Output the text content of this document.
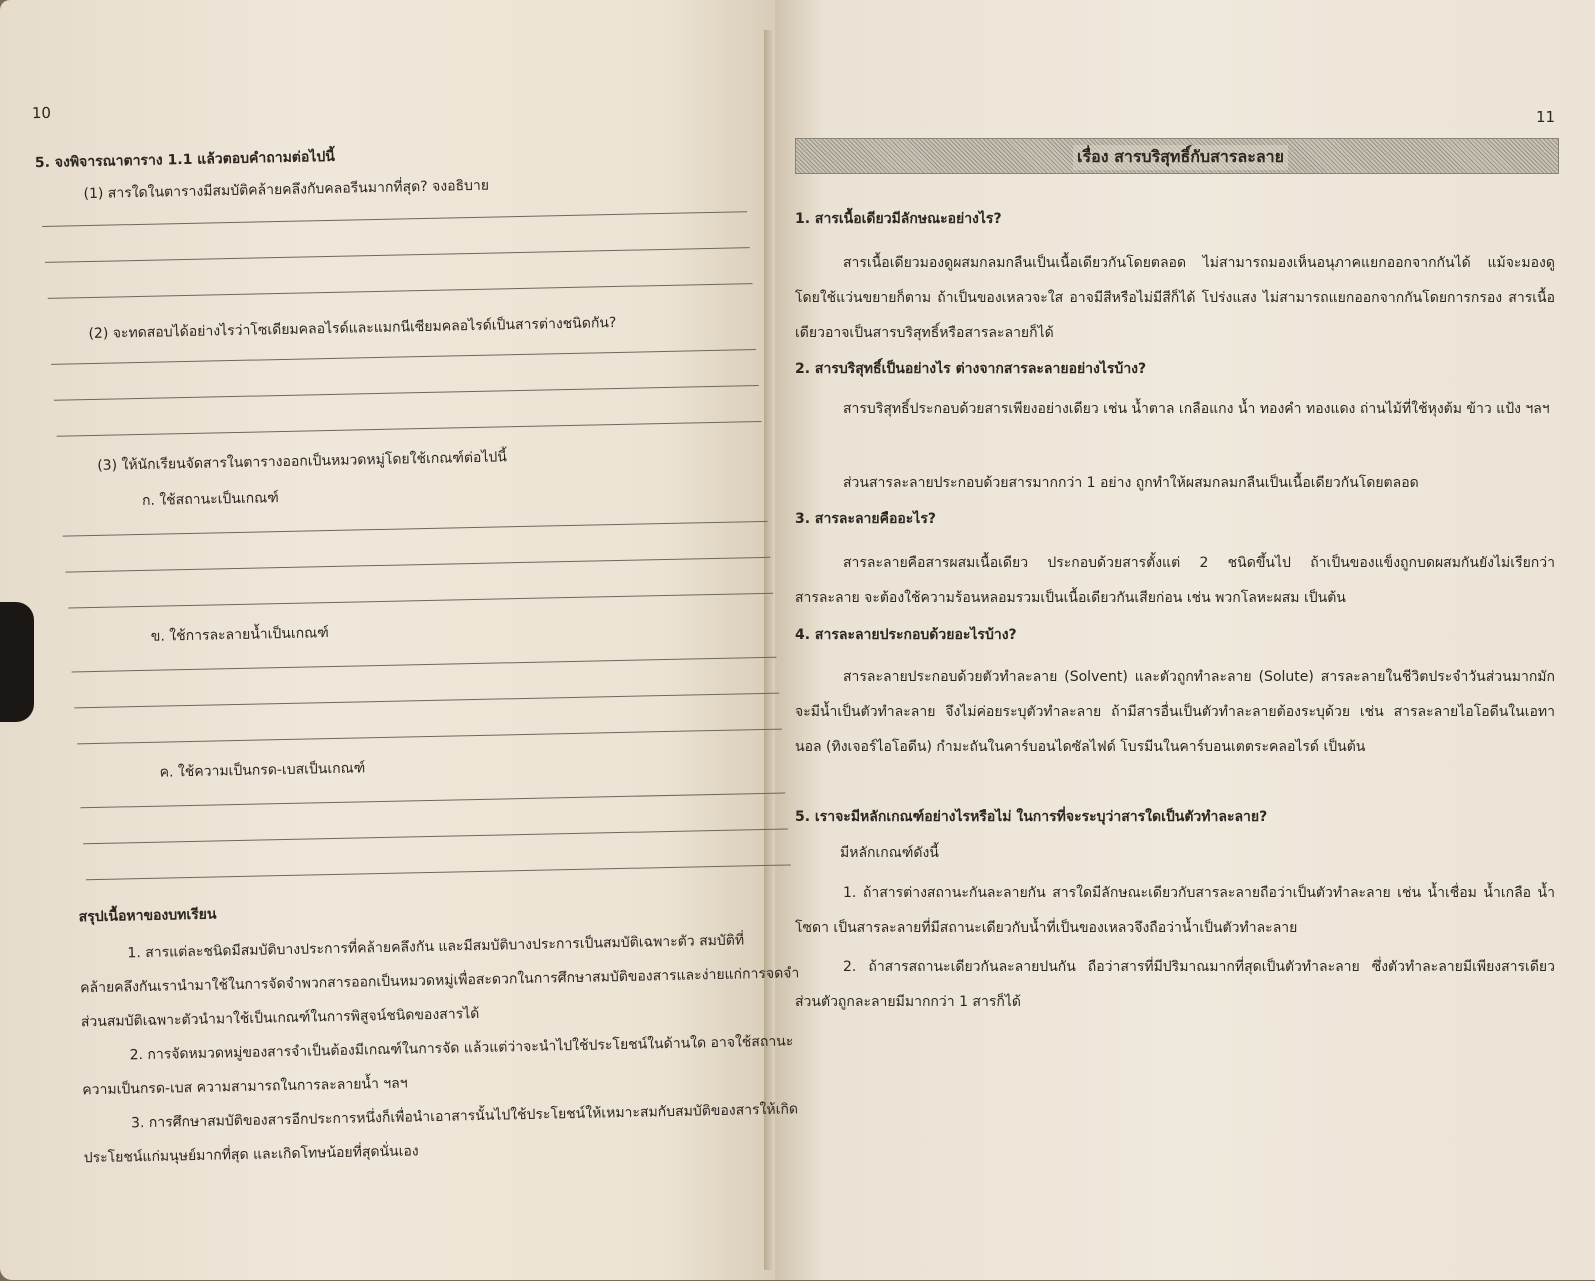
10
5. จงพิจารณาตาราง 1.1 แล้วตอบคำถามต่อไปนี้
(1) สารใดในตารางมีสมบัติคล้ายคลึงกับคลอรีนมากที่สุด? จงอธิบาย
(2) จะทดสอบได้อย่างไรว่าโซเดียมคลอไรด์และแมกนีเซียมคลอไรด์เป็นสารต่างชนิดกัน?
(3) ให้นักเรียนจัดสารในตารางออกเป็นหมวดหมู่โดยใช้เกณฑ์ต่อไปนี้
ก. ใช้สถานะเป็นเกณฑ์
ข. ใช้การละลายน้ำเป็นเกณฑ์
ค. ใช้ความเป็นกรด-เบสเป็นเกณฑ์
สรุปเนื้อหาของบทเรียน
1. สารแต่ละชนิดมีสมบัติบางประการที่คล้ายคลึงกัน และมีสมบัติบางประการเป็นสมบัติเฉพาะตัว สมบัติที่คล้ายคลึงกันเรานำมาใช้ในการจัดจำพวกสารออกเป็นหมวดหมู่เพื่อสะดวกในการศึกษาสมบัติของสารและง่ายแก่การจดจำ ส่วนสมบัติเฉพาะตัวนำมาใช้เป็นเกณฑ์ในการพิสูจน์ชนิดของสารได้
2. การจัดหมวดหมู่ของสารจำเป็นต้องมีเกณฑ์ในการจัด แล้วแต่ว่าจะนำไปใช้ประโยชน์ในด้านใด อาจใช้สถานะ ความเป็นกรด-เบส ความสามารถในการละลายน้ำ ฯลฯ
3. การศึกษาสมบัติของสารอีกประการหนึ่งก็เพื่อนำเอาสารนั้นไปใช้ประโยชน์ให้เหมาะสมกับสมบัติของสารให้เกิดประโยชน์แก่มนุษย์มากที่สุด และเกิดโทษน้อยที่สุดนั่นเอง
11
เรื่อง สารบริสุทธิ์กับสารละลาย
1. สารเนื้อเดียวมีลักษณะอย่างไร?
สารเนื้อเดียวมองดูผสมกลมกลืนเป็นเนื้อเดียวกันโดยตลอด ไม่สามารถมองเห็นอนุภาคแยกออกจากกันได้ แม้จะมองดูโดยใช้แว่นขยายก็ตาม ถ้าเป็นของเหลวจะใส อาจมีสีหรือไม่มีสีก็ได้ โปร่งแสง ไม่สามารถแยกออกจากกันโดยการกรอง สารเนื้อเดียวอาจเป็นสารบริสุทธิ์หรือสารละลายก็ได้
2. สารบริสุทธิ์เป็นอย่างไร ต่างจากสารละลายอย่างไรบ้าง?
สารบริสุทธิ์ประกอบด้วยสารเพียงอย่างเดียว เช่น น้ำตาล เกลือแกง น้ำ ทองคำ ทองแดง ถ่านไม้ที่ใช้หุงต้ม ข้าว แป้ง ฯลฯ
ส่วนสารละลายประกอบด้วยสารมากกว่า 1 อย่าง ถูกทำให้ผสมกลมกลืนเป็นเนื้อเดียวกันโดยตลอด
3. สารละลายคืออะไร?
สารละลายคือสารผสมเนื้อเดียว ประกอบด้วยสารตั้งแต่ 2 ชนิดขึ้นไป ถ้าเป็นของแข็งถูกบดผสมกันยังไม่เรียกว่าสารละลาย จะต้องใช้ความร้อนหลอมรวมเป็นเนื้อเดียวกันเสียก่อน เช่น พวกโลหะผสม เป็นต้น
4. สารละลายประกอบด้วยอะไรบ้าง?
สารละลายประกอบด้วยตัวทำละลาย (Solvent) และตัวถูกทำละลาย (Solute) สารละลายในชีวิตประจำวันส่วนมากมักจะมีน้ำเป็นตัวทำละลาย จึงไม่ค่อยระบุตัวทำละลาย ถ้ามีสารอื่นเป็นตัวทำละลายต้องระบุด้วย เช่น สารละลายไอโอดีนในเอทานอล (ทิงเจอร์ไอโอดีน) กำมะถันในคาร์บอนไดซัลไฟด์ โบรมีนในคาร์บอนเตตระคลอไรด์ เป็นต้น
5. เราจะมีหลักเกณฑ์อย่างไรหรือไม่ ในการที่จะระบุว่าสารใดเป็นตัวทำละลาย?
มีหลักเกณฑ์ดังนี้
1. ถ้าสารต่างสถานะกันละลายกัน สารใดมีลักษณะเดียวกับสารละลายถือว่าเป็นตัวทำละลาย เช่น น้ำเชื่อม น้ำเกลือ น้ำโซดา เป็นสารละลายที่มีสถานะเดียวกับน้ำที่เป็นของเหลวจึงถือว่าน้ำเป็นตัวทำละลาย
2. ถ้าสารสถานะเดียวกันละลายปนกัน ถือว่าสารที่มีปริมาณมากที่สุดเป็นตัวทำละลาย ซึ่งตัวทำละลายมีเพียงสารเดียว ส่วนตัวถูกละลายมีมากกว่า 1 สารก็ได้
